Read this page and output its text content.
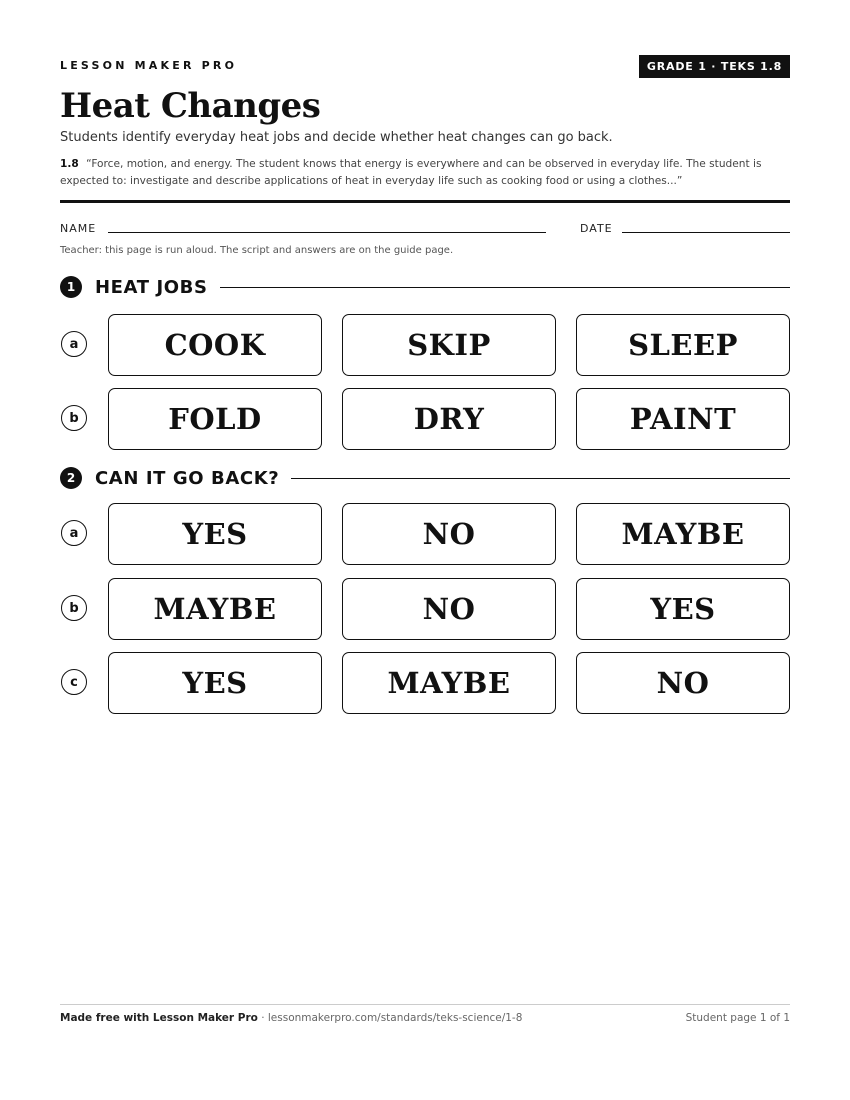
LESSON MAKER PRO	GRADE 1 · TEKS 1.8
Heat Changes

Students identify everyday heat jobs and decide whether heat changes can go back.

1.8 “Force, motion, and energy. The student knows that energy is everywhere and can be observed in everyday life. The student is expected to: investigate and describe applications of heat in everyday life such as cooking food or using a clothes...”

NAME	DATE
Teacher: this page is run aloud. The script and answers are on the guide page.
1	HEAT JOBS
a	COOK	SKIP	SLEEP
b	FOLD	DRY	PAINT
2	CAN IT GO BACK?
a	YES	NO	MAYBE
b	MAYBE	NO	YES
c	YES	MAYBE	NO
Made free with Lesson Maker Pro · lessonmakerpro.com/standards/teks-science/1-8	Student page 1 of 1
